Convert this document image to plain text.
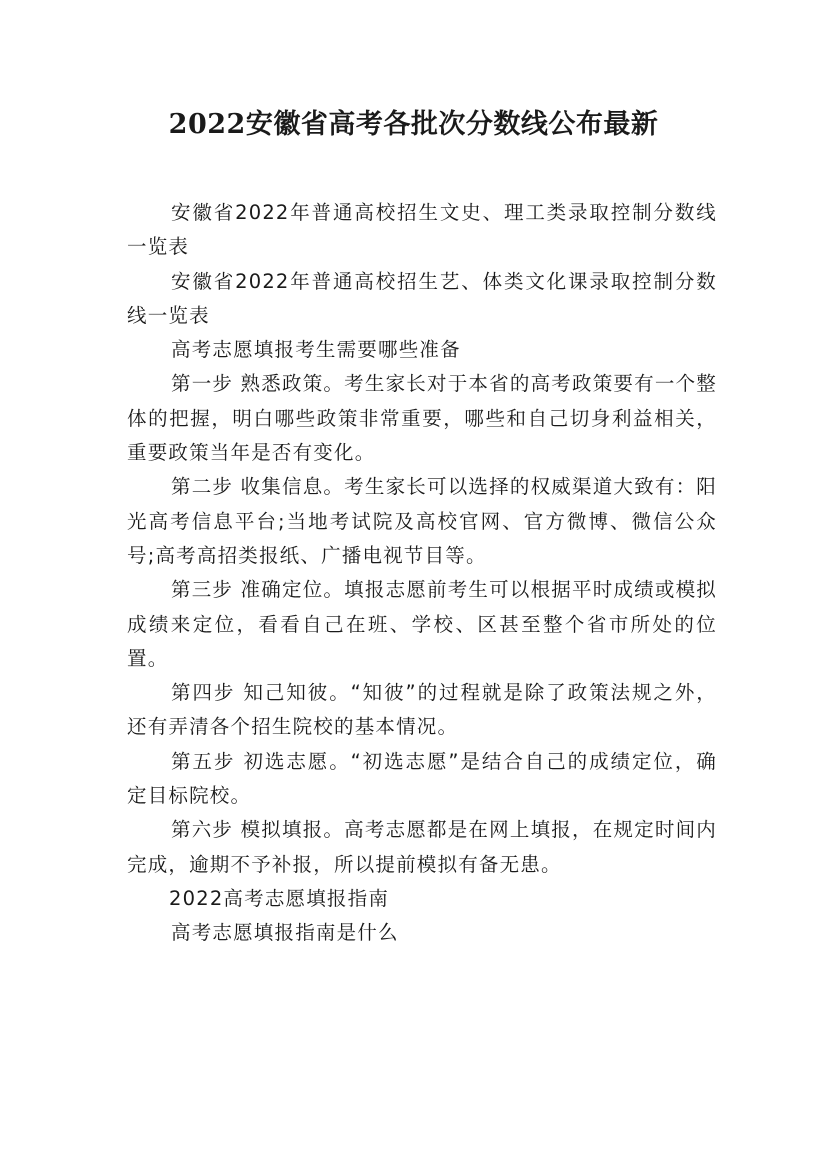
2022安徽省高考各批次分数线公布最新

安徽省2022年普通高校招生文史、理工类录取控制分数线一览表

安徽省2022年普通高校招生艺、体类文化课录取控制分数线一览表

高考志愿填报考生需要哪些准备

第一步 熟悉政策。考生家长对于本省的高考政策要有一个整体的把握，明白哪些政策非常重要，哪些和自己切身利益相关，重要政策当年是否有变化。

第二步 收集信息。考生家长可以选择的权威渠道大致有：阳光高考信息平台;当地考试院及高校官网、官方微博、微信公众号;高考高招类报纸、广播电视节目等。

第三步 准确定位。填报志愿前考生可以根据平时成绩或模拟成绩来定位，看看自己在班、学校、区甚至整个省市所处的位置。

第四步 知己知彼。“知彼”的过程就是除了政策法规之外，还有弄清各个招生院校的基本情况。

第五步 初选志愿。“初选志愿”是结合自己的成绩定位，确定目标院校。

第六步 模拟填报。高考志愿都是在网上填报，在规定时间内完成，逾期不予补报，所以提前模拟有备无患。

2022高考志愿填报指南

高考志愿填报指南是什么
